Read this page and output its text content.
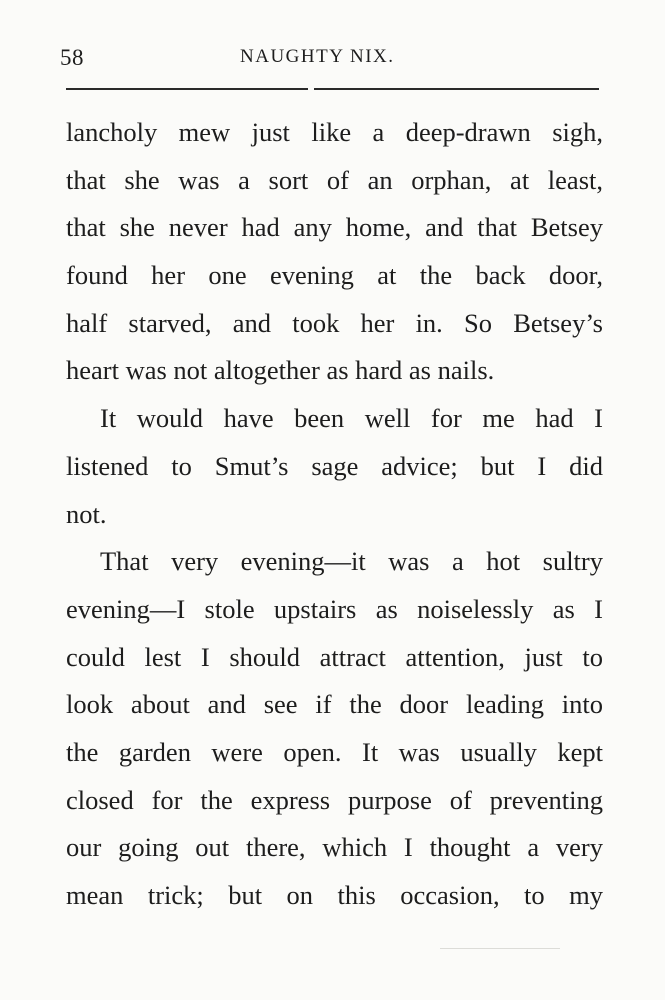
58	NAUGHTY NIX.
lancholy mew just like a deep-drawn sigh,
that she was a sort of an orphan, at least,
that she never had any home, and that Betsey
found her one evening at the back door,
half starved, and took her in. So Betsey’s
heart was not altogether as hard as nails.
It would have been well for me had I
listened to Smut’s sage advice; but I did
not.
That very evening—it was a hot sultry
evening—I stole upstairs as noiselessly as I
could lest I should attract attention, just to
look about and see if the door leading into
the garden were open. It was usually kept
closed for the express purpose of preventing
our going out there, which I thought a very
mean trick; but on this occasion, to my
